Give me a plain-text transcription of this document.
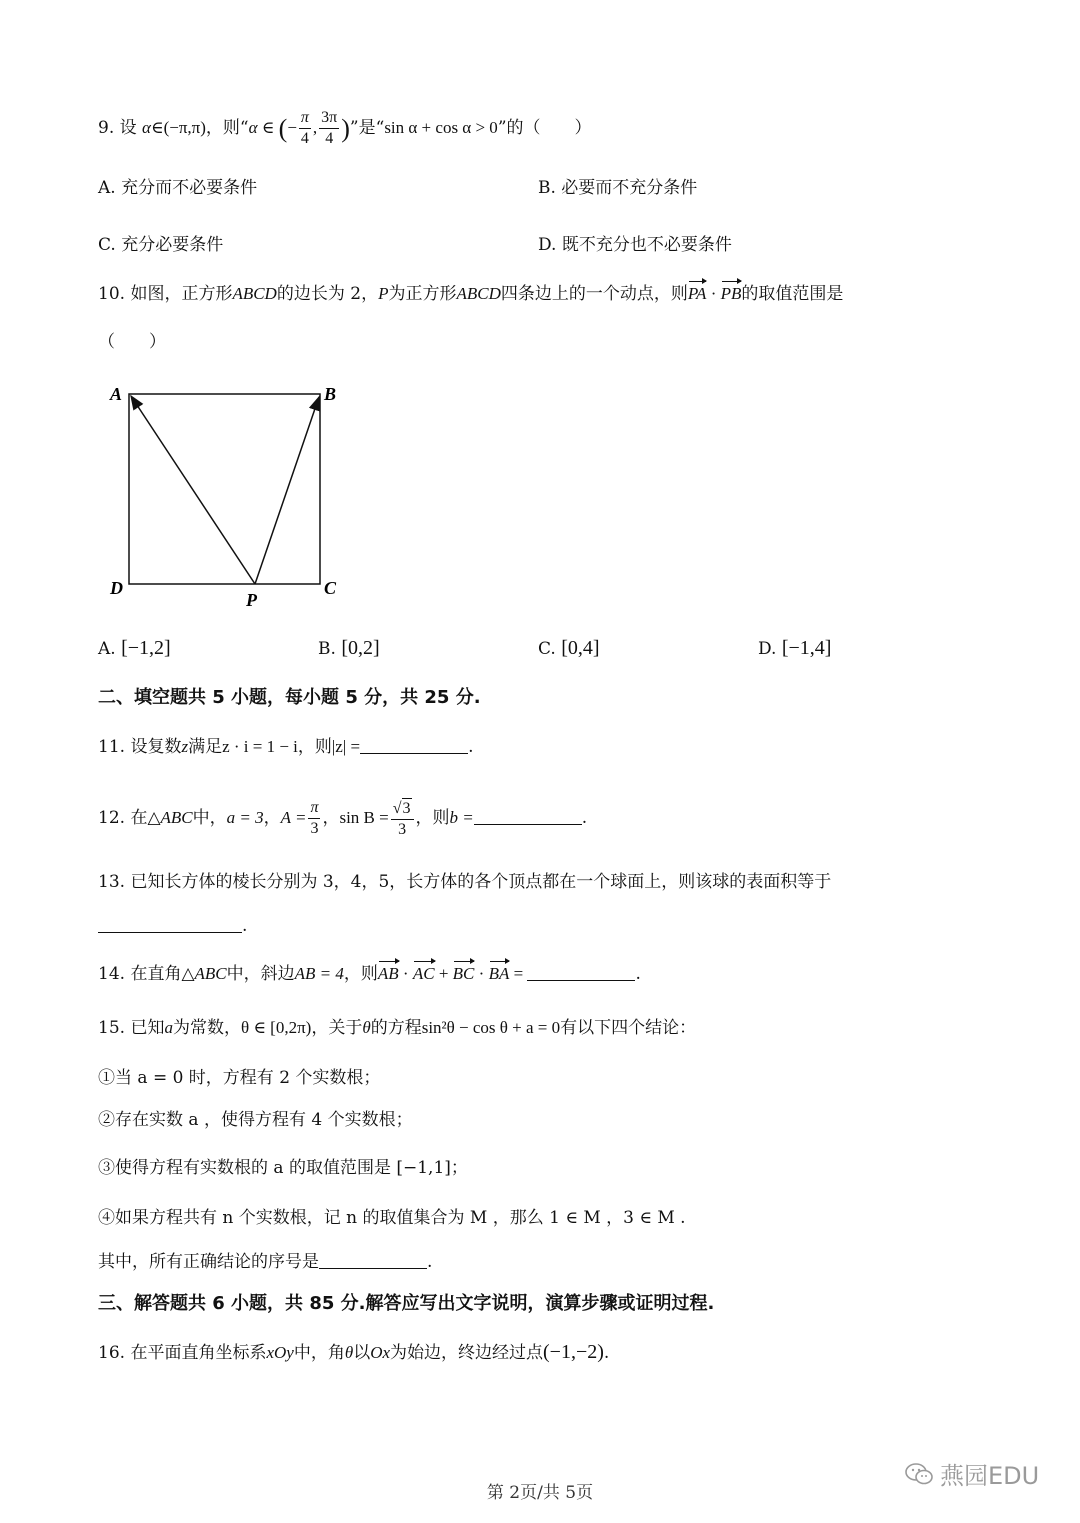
9. 设 α∈(−π,π)，则“α ∈ (− $\frac{\pi}{4}$ , $\frac{3\pi}{4}$ )”是“sin α + cos α > 0”的（　　）
A. 充分而不必要条件	B. 必要而不充分条件
C. 充分必要条件	D. 既不充分也不必要条件
10. 如图，正方形ABCD的边长为 2，P为正方形ABCD四条边上的一个动点，则PA · PB的取值范围是
（　　）
A	B
D	C
P
A. [−1,2]	B. [0,2]	C. [0,4]	D. [−1,4]
二、填空题共 5 小题，每小题 5 分，共 25 分.
11. 设复数z满足z · i = 1 − i，则|z| =	.
12. 在△ABC中，a = 3，$A = \frac{\pi}{3}$ ，$\sin B = \frac{√3}{3}$ ，则b =	.
13. 已知长方体的棱长分别为 3，4，5，长方体的各个顶点都在一个球面上，则该球的表面积等于
.
14. 在直角△ABC中，斜边AB = 4，则AB · AC + BC · BA =	.
15. 已知a为常数，θ ∈ [0,2π)，关于θ的方程sin²θ − cos θ + a = 0有以下四个结论：
①当 a = 0 时，方程有 2 个实数根；
②存在实数 a ，使得方程有 4 个实数根；
③使得方程有实数根的 a 的取值范围是 [−1,1]；
④如果方程共有 n 个实数根，记 n 的取值集合为 M ，那么 1 ∈ M ，3 ∈ M .
其中，所有正确结论的序号是	.
三、解答题共 6 小题，共 85 分.解答应写出文字说明，演算步骤或证明过程.
16. 在平面直角坐标系xOy中，角θ以Ox为始边，终边经过点(−1,−2).
第 2页/共 5页
燕园EDU
